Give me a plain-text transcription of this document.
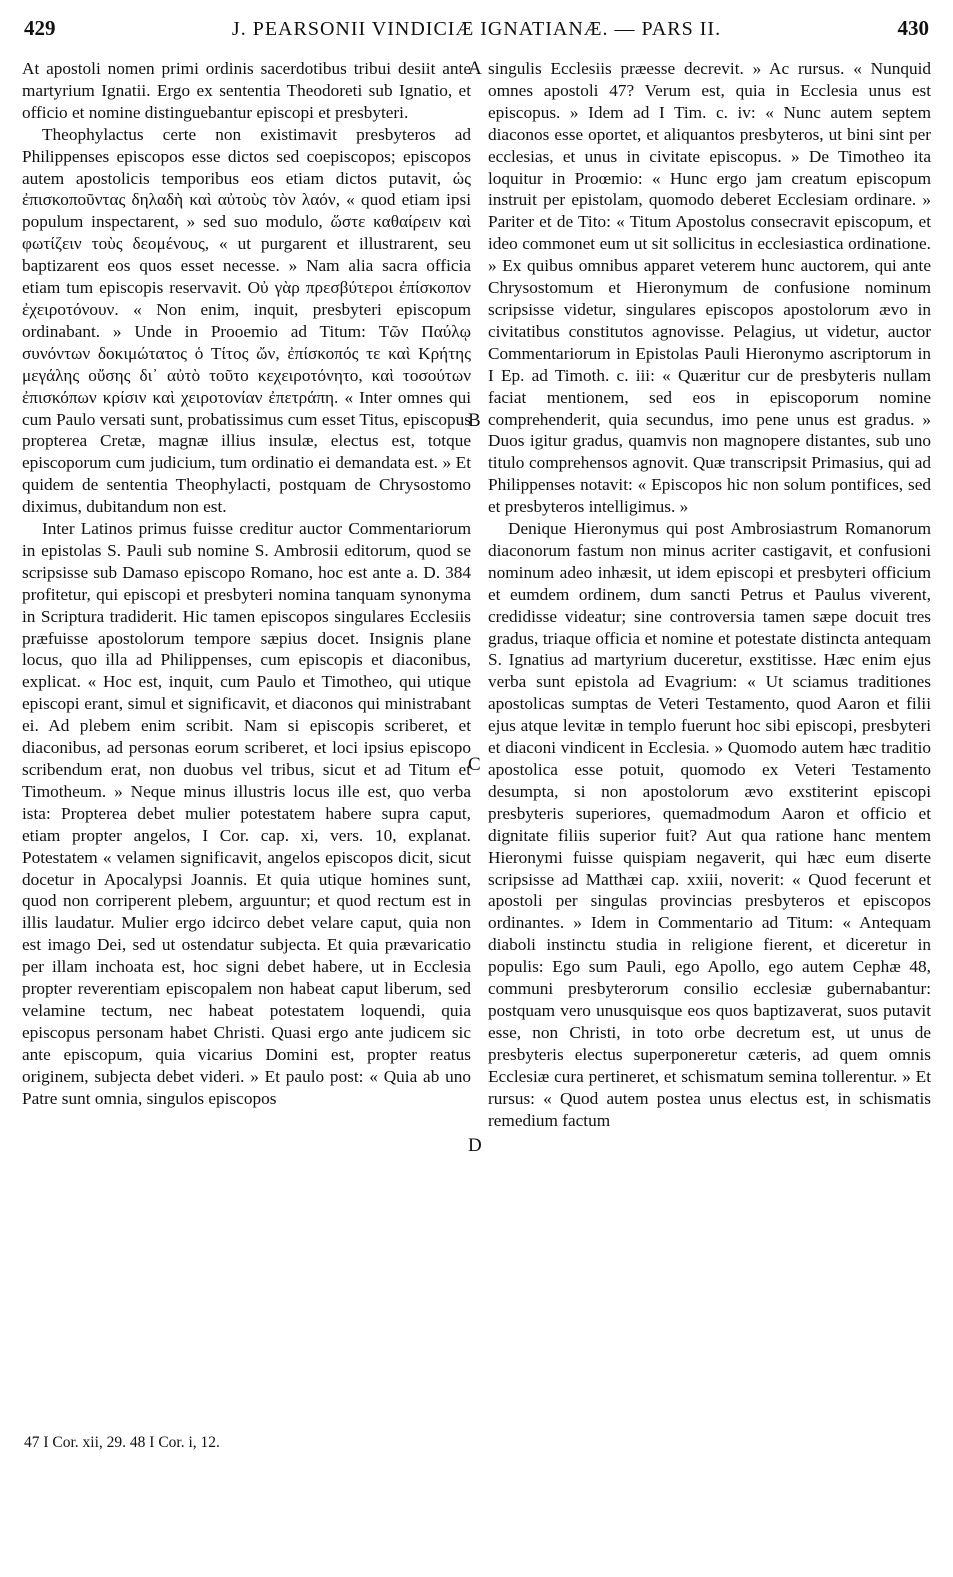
429	J. PEARSONII VINDICIÆ IGNATIANÆ. — PARS II.	430

At apostoli nomen primi ordinis sacerdotibus tribui desiit ante martyrium Ignatii. Ergo ex sententia Theodoreti sub Ignatio, et officio et nomine distinguebantur episcopi et presbyteri.

Theophylactus certe non existimavit presbyteros ad Philippenses episcopos esse dictos sed coepiscopos; episcopos autem apostolicis temporibus eos etiam dictos putavit, ὡς ἐπισκοποῦντας δηλαδὴ καὶ αὐτοὺς τὸν λαόν, « quod etiam ipsi populum inspectarent, » sed suo modulo, ὥστε καθαίρειν καὶ φωτίζειν τοὺς δεομένους, « ut purgarent et illustrarent, seu baptizarent eos quos esset necesse. » Nam alia sacra officia etiam tum episcopis reservavit. Οὐ γὰρ πρεσβύτεροι ἐπίσκοπον ἐχειροτόνουν. « Non enim, inquit, presbyteri episcopum ordinabant. » Unde in Prooemio ad Titum: Τῶν Παύλῳ συνόντων δοκιμώτατος ὁ Τίτος ὤν, ἐπίσκοπός τε καὶ Κρήτης μεγάλης οὔσης δι᾽ αὐτὸ τοῦτο κεχειροτόνητο, καὶ τοσούτων ἐπισκόπων κρίσιν καὶ χειροτονίαν ἐπετράπη. « Inter omnes qui cum Paulo versati sunt, probatissimus cum esset Titus, episcopus propterea Cretæ, magnæ illius insulæ, electus est, totque episcoporum cum judicium, tum ordinatio ei demandata est. » Et quidem de sententia Theophylacti, postquam de Chrysostomo diximus, dubitandum non est.

Inter Latinos primus fuisse creditur auctor Commentariorum in epistolas S. Pauli sub nomine S. Ambrosii editorum, quod se scripsisse sub Damaso episcopo Romano, hoc est ante a. D. 384 profitetur, qui episcopi et presbyteri nomina tanquam synonyma in Scriptura tradiderit. Hic tamen episcopos singulares Ecclesiis præfuisse apostolorum tempore sæpius docet. Insignis plane locus, quo illa ad Philippenses, cum episcopis et diaconibus, explicat. « Hoc est, inquit, cum Paulo et Timotheo, qui utique episcopi erant, simul et significavit, et diaconos qui ministrabant ei. Ad plebem enim scribit. Nam si episcopis scriberet, et diaconibus, ad personas eorum scriberet, et loci ipsius episcopo scribendum erat, non duobus vel tribus, sicut et ad Titum et Timotheum. » Neque minus illustris locus ille est, quo verba ista: Propterea debet mulier potestatem habere supra caput, etiam propter angelos, I Cor. cap. xi, vers. 10, explanat. Potestatem « velamen significavit, angelos episcopos dicit, sicut docetur in Apocalypsi Joannis. Et quia utique homines sunt, quod non corriperent plebem, arguuntur; et quod rectum est in illis laudatur. Mulier ergo idcirco debet velare caput, quia non est imago Dei, sed ut ostendatur subjecta. Et quia prævaricatio per illam inchoata est, hoc signi debet habere, ut in Ecclesia propter reverentiam episcopalem non habeat caput liberum, sed velamine tectum, nec habeat potestatem loquendi, quia episcopus personam habet Christi. Quasi ergo ante judicem sic ante episcopum, quia vicarius Domini est, propter reatus originem, subjecta debet videri. » Et paulo post: « Quia ab uno Patre sunt omnia, singulos episcopos

47 I Cor. xii, 29. 48 I Cor. i, 12.
A
B
C
D

singulis Ecclesiis præesse decrevit. » Ac rursus. « Nunquid omnes apostoli 47? Verum est, quia in Ecclesia unus est episcopus. » Idem ad I Tim. c. iv: « Nunc autem septem diaconos esse oportet, et aliquantos presbyteros, ut bini sint per ecclesias, et unus in civitate episcopus. » De Timotheo ita loquitur in Proœmio: « Hunc ergo jam creatum episcopum instruit per epistolam, quomodo deberet Ecclesiam ordinare. » Pariter et de Tito: « Titum Apostolus consecravit episcopum, et ideo commonet eum ut sit sollicitus in ecclesiastica ordinatione. » Ex quibus omnibus apparet veterem hunc auctorem, qui ante Chrysostomum et Hieronymum de confusione nominum scripsisse videtur, singulares episcopos apostolorum ævo in civitatibus constitutos agnovisse. Pelagius, ut videtur, auctor Commentariorum in Epistolas Pauli Hieronymo ascriptorum in I Ep. ad Timoth. c. iii: « Quæritur cur de presbyteris nullam faciat mentionem, sed eos in episcoporum nomine comprehenderit, quia secundus, imo pene unus est gradus. » Duos igitur gradus, quamvis non magnopere distantes, sub uno titulo comprehensos agnovit. Quæ transcripsit Primasius, qui ad Philippenses notavit: « Episcopos hic non solum pontifices, sed et presbyteros intelligimus. »

Denique Hieronymus qui post Ambrosiastrum Romanorum diaconorum fastum non minus acriter castigavit, et confusioni nominum adeo inhæsit, ut idem episcopi et presbyteri officium et eumdem ordinem, dum sancti Petrus et Paulus viverent, credidisse videatur; sine controversia tamen sæpe docuit tres gradus, triaque officia et nomine et potestate distincta antequam S. Ignatius ad martyrium duceretur, exstitisse. Hæc enim ejus verba sunt epistola ad Evagrium: « Ut sciamus traditiones apostolicas sumptas de Veteri Testamento, quod Aaron et filii ejus atque levitæ in templo fuerunt hoc sibi episcopi, presbyteri et diaconi vindicent in Ecclesia. » Quomodo autem hæc traditio apostolica esse potuit, quomodo ex Veteri Testamento desumpta, si non apostolorum ævo exstiterint episcopi presbyteris superiores, quemadmodum Aaron et officio et dignitate filiis superior fuit? Aut qua ratione hanc mentem Hieronymi fuisse quispiam negaverit, qui hæc eum diserte scripsisse ad Matthæi cap. xxiii, noverit: « Quod fecerunt et apostoli per singulas provincias presbyteros et episcopos ordinantes. » Idem in Commentario ad Titum: « Antequam diaboli instinctu studia in religione fierent, et diceretur in populis: Ego sum Pauli, ego Apollo, ego autem Cephæ 48, communi presbyterorum consilio ecclesiæ gubernabantur: postquam vero unusquisque eos quos baptizaverat, suos putavit esse, non Christi, in toto orbe decretum est, ut unus de presbyteris electus superponeretur cæteris, ad quem omnis Ecclesiæ cura pertineret, et schismatum semina tollerentur. » Et rursus: « Quod autem postea unus electus est, in schismatis remedium factum
